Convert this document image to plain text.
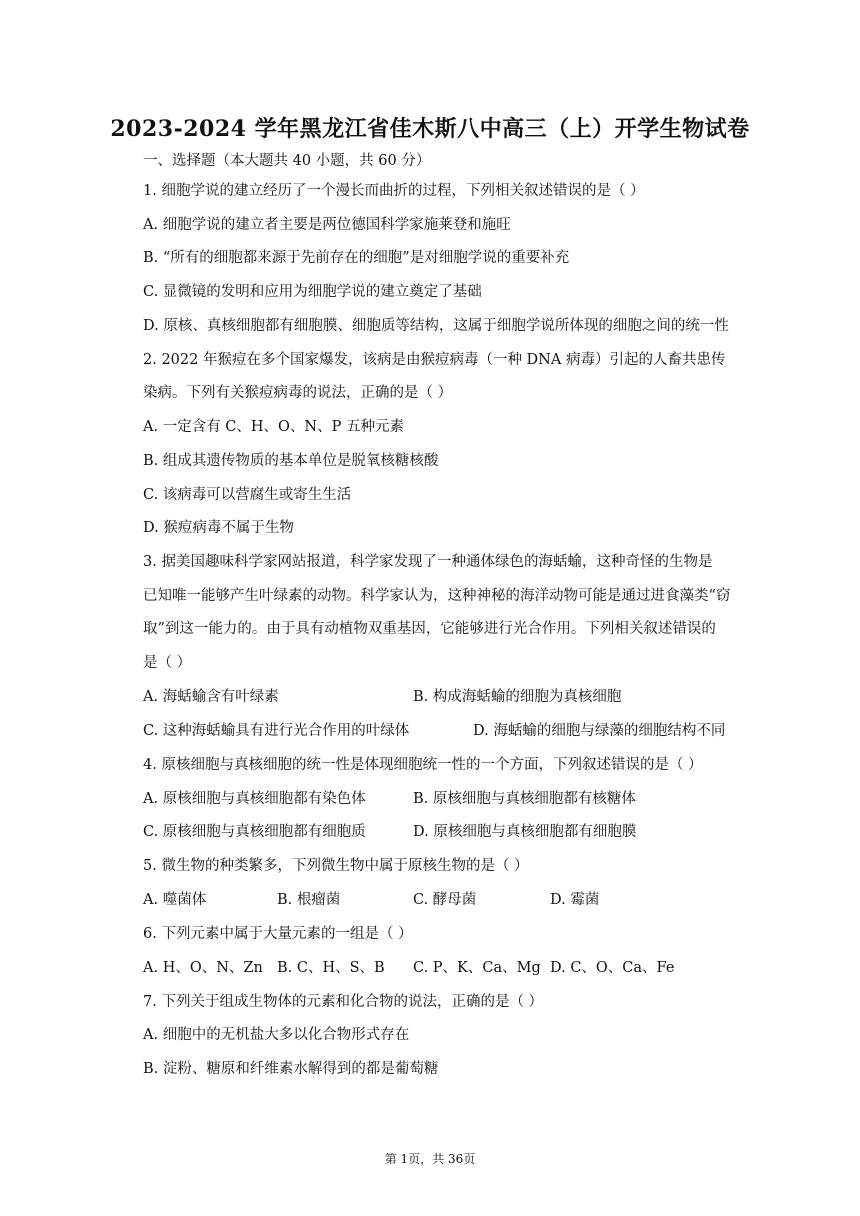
2023-2024 学年黑龙江省佳木斯八中高三（上）开学生物试卷
一、选择题（本大题共 40 小题，共 60 分）
1. 细胞学说的建立经历了一个漫长而曲折的过程，下列相关叙述错误的是（ ）
A. 细胞学说的建立者主要是两位德国科学家施莱登和施旺
B. “所有的细胞都来源于先前存在的细胞”是对细胞学说的重要补充
C. 显微镜的发明和应用为细胞学说的建立奠定了基础
D. 原核、真核细胞都有细胞膜、细胞质等结构，这属于细胞学说所体现的细胞之间的统一性
2. 2022 年猴痘在多个国家爆发，该病是由猴痘病毒（一种 DNA 病毒）引起的人畜共患传
染病。下列有关猴痘病毒的说法，正确的是（ ）
A. 一定含有 C、H、O、N、P 五种元素
B. 组成其遗传物质的基本单位是脱氧核糖核酸
C. 该病毒可以营腐生或寄生生活
D. 猴痘病毒不属于生物
3. 据美国趣味科学家网站报道，科学家发现了一种通体绿色的海蛞蝓，这种奇怪的生物是
已知唯一能够产生叶绿素的动物。科学家认为，这种神秘的海洋动物可能是通过进食藻类“窃
取”到这一能力的。由于具有动植物双重基因，它能够进行光合作用。下列相关叙述错误的
是（ ）
A. 海蛞蝓含有叶绿素	B. 构成海蛞蝓的细胞为真核细胞
C. 这种海蛞蝓具有进行光合作用的叶绿体	D. 海蛞蝓的细胞与绿藻的细胞结构不同
4. 原核细胞与真核细胞的统一性是体现细胞统一性的一个方面，下列叙述错误的是（ ）
A. 原核细胞与真核细胞都有染色体	B. 原核细胞与真核细胞都有核糖体
C. 原核细胞与真核细胞都有细胞质	D. 原核细胞与真核细胞都有细胞膜
5. 微生物的种类繁多，下列微生物中属于原核生物的是（ ）
A. 噬菌体	B. 根瘤菌	C. 酵母菌	D. 霉菌
6. 下列元素中属于大量元素的一组是（ ）
A. H、O、N、Zn B. C、H、S、B C. P、K、Ca、Mg D. C、O、Ca、Fe
7. 下列关于组成生物体的元素和化合物的说法，正确的是（ ）
A. 细胞中的无机盐大多以化合物形式存在
B. 淀粉、糖原和纤维素水解得到的都是葡萄糖
第 1页，共 36页
